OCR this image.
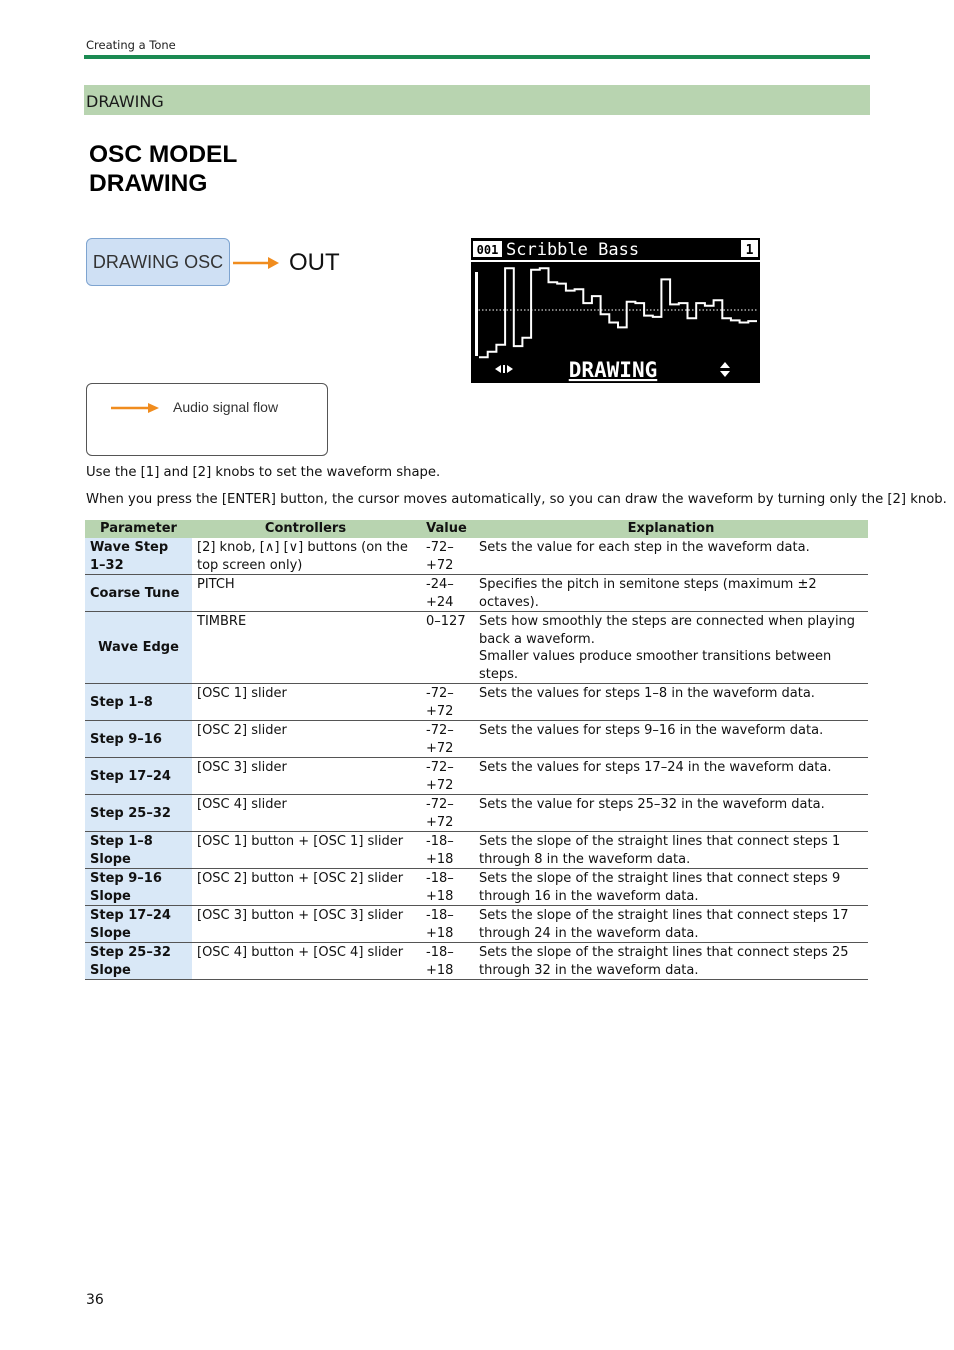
Creating a Tone
DRAWING
OSC MODEL
DRAWING
DRAWING OSC	OUT	001 Scribble Bass	1
DRAWING
Audio signal flow
Use the [1] and [2] knobs to set the waveform shape.
When you press the [ENTER] button, the cursor moves automatically, so you can draw the waveform by turning only the [2] knob.
Parameter	Controllers	Value	Explanation
Wave Step 1–32	[2] knob, [∧] [∨] buttons (on the top screen only)	-72–+72	Sets the value for each step in the waveform data.
Coarse Tune	PITCH	-24–+24	Specifies the pitch in semitone steps (maximum ±2 octaves).
Wave Edge	TIMBRE	0–127	Sets how smoothly the steps are connected when playing back a waveform.
Smaller values produce smoother transitions between steps.

Step 1–8	[OSC 1] slider	-72–+72	Sets the values for steps 1–8 in the waveform data.
Step 9–16	[OSC 2] slider	-72–+72	Sets the values for steps 9–16 in the waveform data.
Step 17–24	[OSC 3] slider	-72–+72	Sets the values for steps 17–24 in the waveform data.
Step 25–32	[OSC 4] slider	-72–+72	Sets the value for steps 25–32 in the waveform data.
Step 1–8 Slope	[OSC 1] button + [OSC 1] slider	-18–+18	Sets the slope of the straight lines that connect steps 1 through 8 in the waveform data.
Step 9–16 Slope	[OSC 2] button + [OSC 2] slider	-18–+18	Sets the slope of the straight lines that connect steps 9 through 16 in the waveform data.
Step 17–24 Slope	[OSC 3] button + [OSC 3] slider	-18–+18	Sets the slope of the straight lines that connect steps 17 through 24 in the waveform data.
Step 25–32 Slope	[OSC 4] button + [OSC 4] slider	-18–+18	Sets the slope of the straight lines that connect steps 25 through 32 in the waveform data.
36
